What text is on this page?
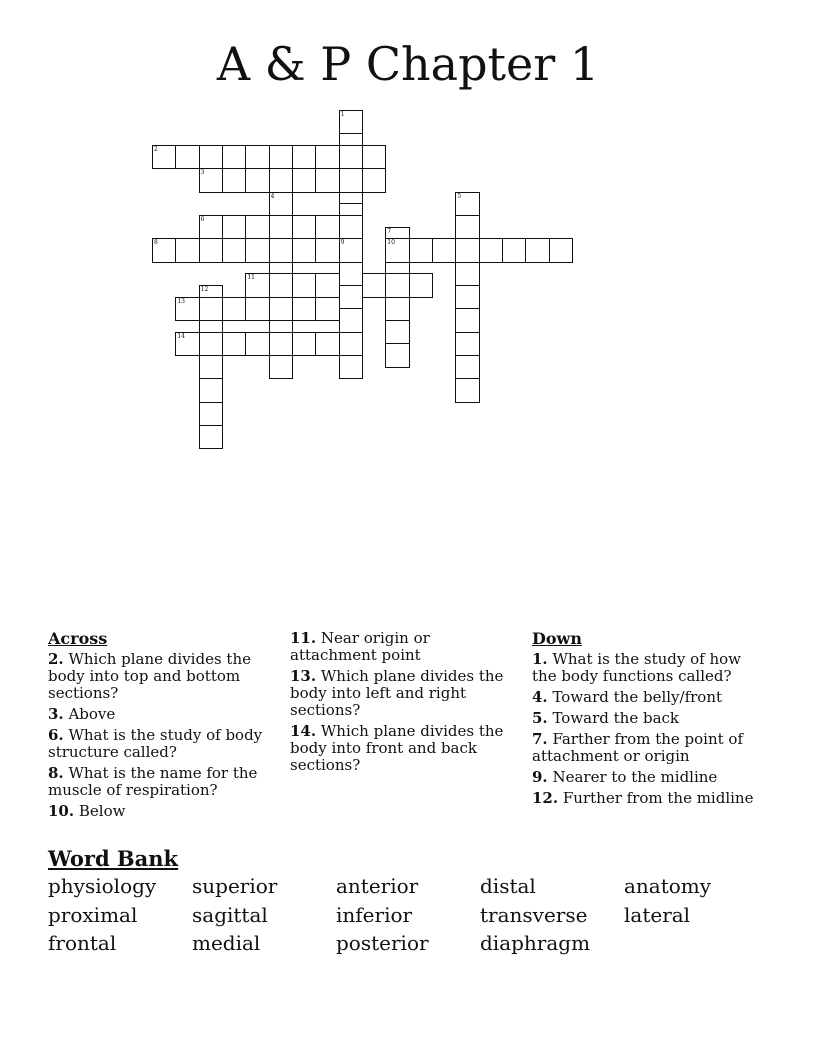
A & P Chapter 1
1
2
3
4	5
6
7
8	9	10
11
12
13
14
Across
2. Which plane divides the body into top and bottom sections?
3. Above
6. What is the study of body structure called?
8. What is the name for the muscle of respiration?
10. Below
11. Near origin or attachment point
13. Which plane divides the body into left and right sections?
14. Which plane divides the body into front and back sections?
Down
1. What is the study of how the body functions called?
4. Toward the belly/front
5. Toward the back
7. Farther from the point of attachment or origin
9. Nearer to the midline
12. Further from the midline
Word Bank
physiology superior	anterior	distal	anatomy
proximal	sagittal	inferior	transverse lateral
frontal	medial	posterior	diaphragm
